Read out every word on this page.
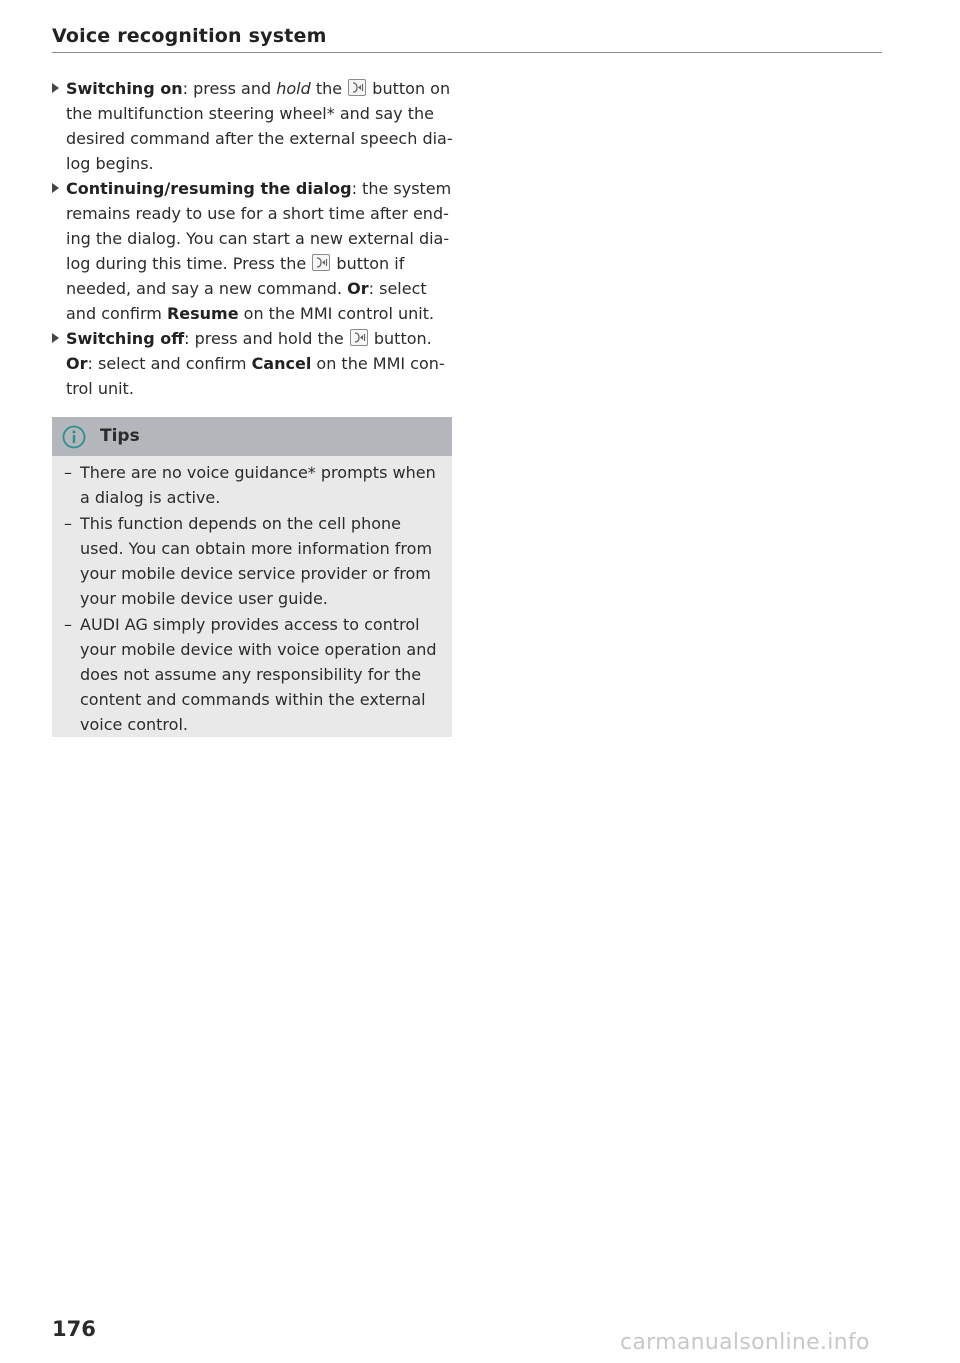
Voice recognition system
Switching on: press and hold the
button on
the multifunction steering wheel* and say the
desired command after the external speech dia-
log begins.
Continuing/resuming the dialog: the system
remains ready to use for a short time after end-
ing the dialog. You can start a new external dia-
log during this time. Press the
button if
needed, and say a new command. Or: select
and confirm Resume on the MMI control unit.
Switching off: press and hold the
button.
Or: select and confirm Cancel on the MMI con-
trol unit.
Tips
– There are no voice guidance* prompts when
a dialog is active.
– This function depends on the cell phone
used. You can obtain more information from
your mobile device service provider or from
your mobile device user guide.
– AUDI AG simply provides access to control
your mobile device with voice operation and
does not assume any responsibility for the
content and commands within the external
voice control.
176
carmanualsonline.info
